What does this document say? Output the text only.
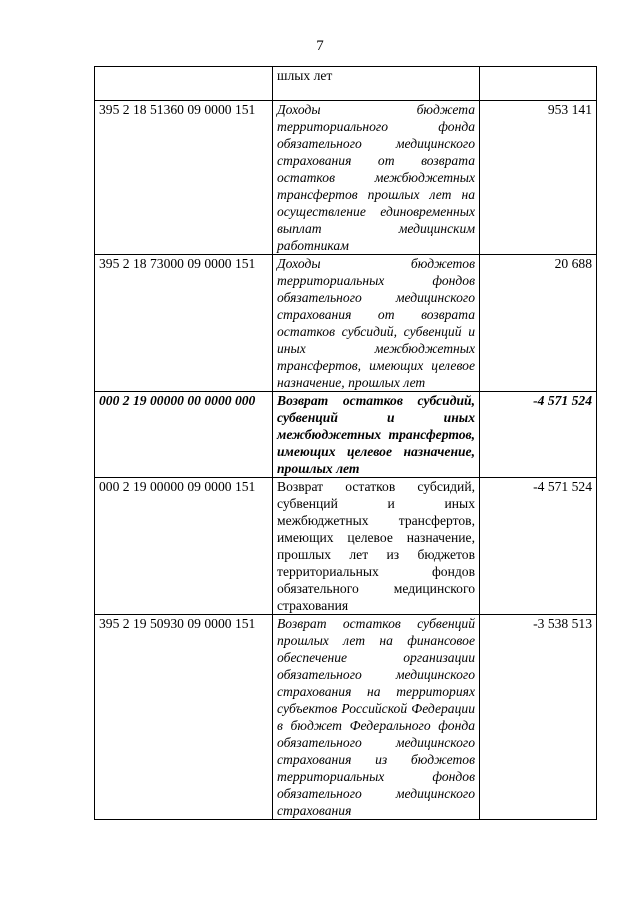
7
	шлых лет	
395 2 18 51360 09 0000 151	Доходы бюджета территориального фонда обязательного медицинского страхования от возврата остатков межбюджетных трансфертов прошлых лет на осуществление единовременных выплат медицинским работникам	953 141
395 2 18 73000 09 0000 151	Доходы бюджетов территориальных фондов обязательного медицинского страхования от возврата остатков субсидий, субвенций и иных межбюджетных трансфертов, имеющих целевое назначение, прошлых лет	20 688
000 2 19 00000 00 0000 000	Возврат остатков субсидий, субвенций и иных межбюджетных трансфертов, имеющих целевое назначение, прошлых лет	-4 571 524
000 2 19 00000 09 0000 151	Возврат остатков субсидий, субвенций и иных межбюджетных трансфертов, имеющих целевое назначение, прошлых лет из бюджетов территориальных фондов обязательного медицинского страхования	-4 571 524
395 2 19 50930 09 0000 151	Возврат остатков субвенций прошлых лет на финансовое обеспечение организации обязательного медицинского страхования на территориях субъектов Российской Федерации в бюджет Федерального фонда обязательного медицинского страхования из бюджетов территориальных фондов обязательного медицинского страхования	-3 538 513
